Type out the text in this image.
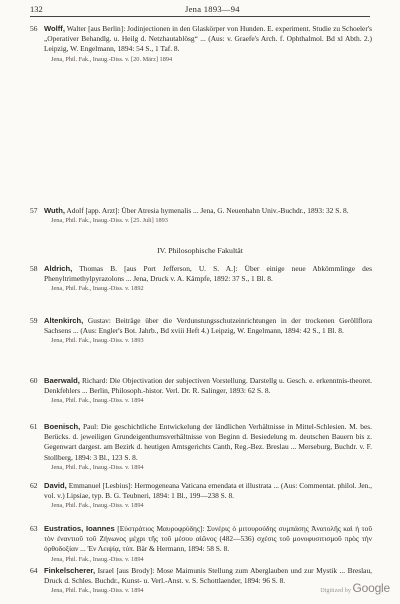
132	Jena 1893—94
56 Wolff, Walter [aus Berlin]: Jodinjectionen in den Glaskörper von Hunden. E. experiment. Studie zu Schoeler's „Operativer Behandlg. u. Heilg d. Netzhautablösg“ ... (Aus: v. Graefe's Arch. f. Ophthalmol. Bd xl Abth. 2.) Leipzig, W. Engelmann, 1894: 54 S., 1 Taf. 8.

Jena, Phil. Fak., Inaug.-Diss. v. [20. März] 1894

57 Wuth, Adolf [app. Arzt]: Über Atresia hymenalis ... Jena, G. Neuenhahn Univ.-Buchdr., 1893: 32 S. 8.

Jena, Phil. Fak., Inaug.-Diss. v. [25. Juli] 1893

IV. Philosophische Fakultät
58 Aldrich, Thomas B. [aus Port Jefferson, U. S. A.]: Über einige neue Abkömmlinge des Phenyltrimethylpyrazolons ... Jena, Druck v. A. Kämpfe, 1892: 37 S., 1 Bl. 8.

Jena, Phil. Fak., Inaug.-Diss. v. 1892

59 Altenkirch, Gustav: Beiträge über die Verdunstungsschutzeinrichtungen in der trockenen Geröllflora Sachsens ... (Aus: Engler's Bot. Jahrb., Bd xviii Heft 4.) Leipzig, W. Engelmann, 1894: 42 S., 1 Bl. 8.

Jena, Phil. Fak., Inaug.-Diss. v. 1893

60 Baerwald, Richard: Die Objectivation der subjectiven Vorstellung. Darstellg u. Gesch. e. erkenntnis-theoret. Denkfehlers ... Berlin, Philosoph.-histor. Verl. Dr. R. Salinger, 1893: 62 S. 8.

Jena, Phil. Fak., Inaug.-Diss. v. 1894

61 Boenisch, Paul: Die geschichtliche Entwickelung der ländlichen Verhältnisse in Mittel-Schlesien. M. bes. Berücks. d. jeweiligen Grundeigenthumsverhältnisse von Beginn d. Besiedelung m. deutschen Bauern bis z. Gegenwart dargest. am Bezirk d. heutigen Amtsgerichts Canth, Reg.-Bez. Breslau ... Merseburg, Buchdr. v. F. Stollberg, 1894: 3 Bl., 123 S. 8.

Jena, Phil. Fak., Inaug.-Diss. v. 1894

62 David, Emmanuel [Lesbius]: Hermogeneana Vaticana emendata et illustrata ... (Aus: Commentat. philol. Jen., vol. v.) Lipsiae, typ. B. G. Teubneri, 1894: 1 Bl., 199—238 S. 8.

Jena, Phil. Fak., Inaug.-Diss. v. 1894

63 Eustratios, Ioannes [Εὐστράτιος Μαυροφρύδης]: Συνέρις ὁ μιτουρούδης συμπάσης Ἀνατολῆς καὶ ἡ τοῦ τὸν ἐναντιοῦ τοῦ Ζήνωνος μέχρι τῆς τοῦ μέσου αἰῶνος (482—536) σχέσις τοῦ μονοφυσιτισμοῦ πρὸς τὴν ὀρθοδοξίαν ... Ἐν Λειψίᾳ, τύπ. Bär & Hermann, 1894: 58 S. 8.

Jena, Phil. Fak., Inaug.-Diss. v. 1894

64 Finkelscherer, Israel [aus Brody]: Mose Maimunis Stellung zum Aberglauben und zur Mystik ... Breslau, Druck d. Schles. Buchdr., Kunst- u. Verl.-Anst. v. S. Schottlaender, 1894: 96 S. 8.

Jena, Phil. Fak., Inaug.-Diss. v. 1894	Digitized by Google
